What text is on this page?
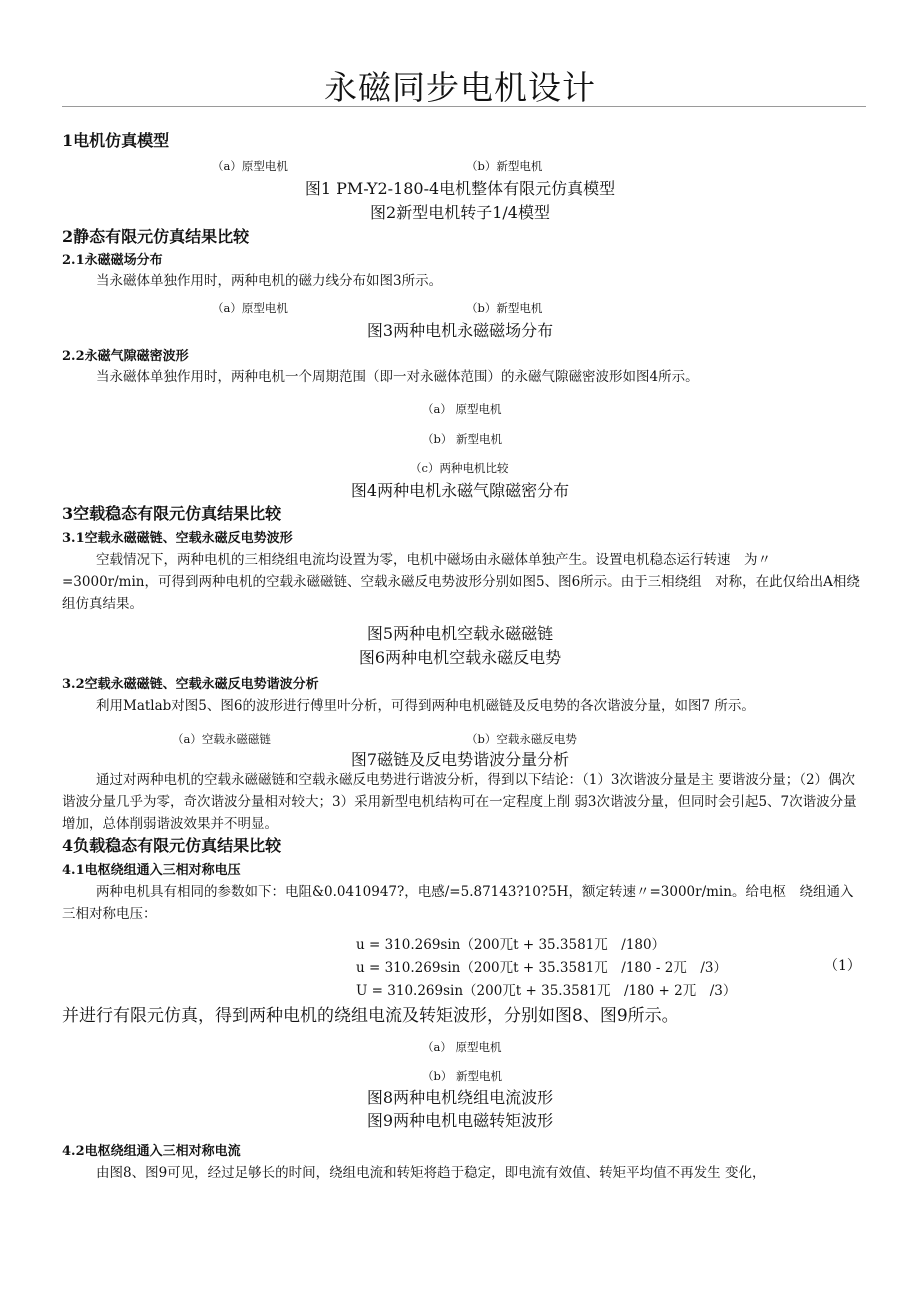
永磁同步电机设计
1电机仿真模型
（a）原型电机	（b）新型电机
图1 PM-Y2-180-4电机整体有限元仿真模型
图2新型电机转子1/4模型
2静态有限元仿真结果比较
2.1永磁磁场分布
当永磁体单独作用时，两种电机的磁力线分布如图3所示。
（a）原型电机	（b）新型电机
图3两种电机永磁磁场分布
2.2永磁气隙磁密波形
当永磁体单独作用时，两种电机一个周期范围（即一对永磁体范围）的永磁气隙磁密波形如图4所示。
（a） 原型电机
（b） 新型电机
（c）两种电机比较
图4两种电机永磁气隙磁密分布
3空载稳态有限元仿真结果比较
3.1空载永磁磁链、空载永磁反电势波形
空载情况下，两种电机的三相绕组电流均设置为零，电机中磁场由永磁体单独产生。设置电机稳态运行转速　为〃=3000r/min，可得到两种电机的空载永磁磁链、空载永磁反电势波形分别如图5、图6所示。由于三相绕组　对称，在此仅给出A相绕组仿真结果。
图5两种电机空载永磁磁链
图6两种电机空载永磁反电势
3.2空载永磁磁链、空载永磁反电势谐波分析
利用Matlab对图5、图6的波形进行傅里叶分析，可得到两种电机磁链及反电势的各次谐波分量，如图7 所示。
（a）空载永磁磁链	（b）空载永磁反电势
图7磁链及反电势谐波分量分析
通过对两种电机的空载永磁磁链和空载永磁反电势进行谐波分析，得到以下结论：（1）3次谐波分量是主 要谐波分量；（2）偶次谐波分量几乎为零，奇次谐波分量相对较大；3）采用新型电机结构可在一定程度上削 弱3次谐波分量，但同时会引起5、7次谐波分量增加，总体削弱谐波效果并不明显。
4负载稳态有限元仿真结果比较
4.1电枢绕组通入三相对称电压
两种电机具有相同的参数如下：电阻&0.0410947?，电感/=5.87143?10?5H，额定转速〃=3000r/min。给电枢　绕组通入三相对称电压：
u = 310.269sin（200兀t + 35.3581兀　/180）
u = 310.269sin（200兀t + 35.3581兀　/180 - 2兀　/3）	（1）
U = 310.269sin（200兀t + 35.3581兀　/180 + 2兀　/3）
并进行有限元仿真，得到两种电机的绕组电流及转矩波形，分别如图8、图9所示。
（a） 原型电机
（b） 新型电机
图8两种电机绕组电流波形
图9两种电机电磁转矩波形
4.2电枢绕组通入三相对称电流
由图8、图9可见，经过足够长的时间，绕组电流和转矩将趋于稳定，即电流有效值、转矩平均值不再发生 变化，
